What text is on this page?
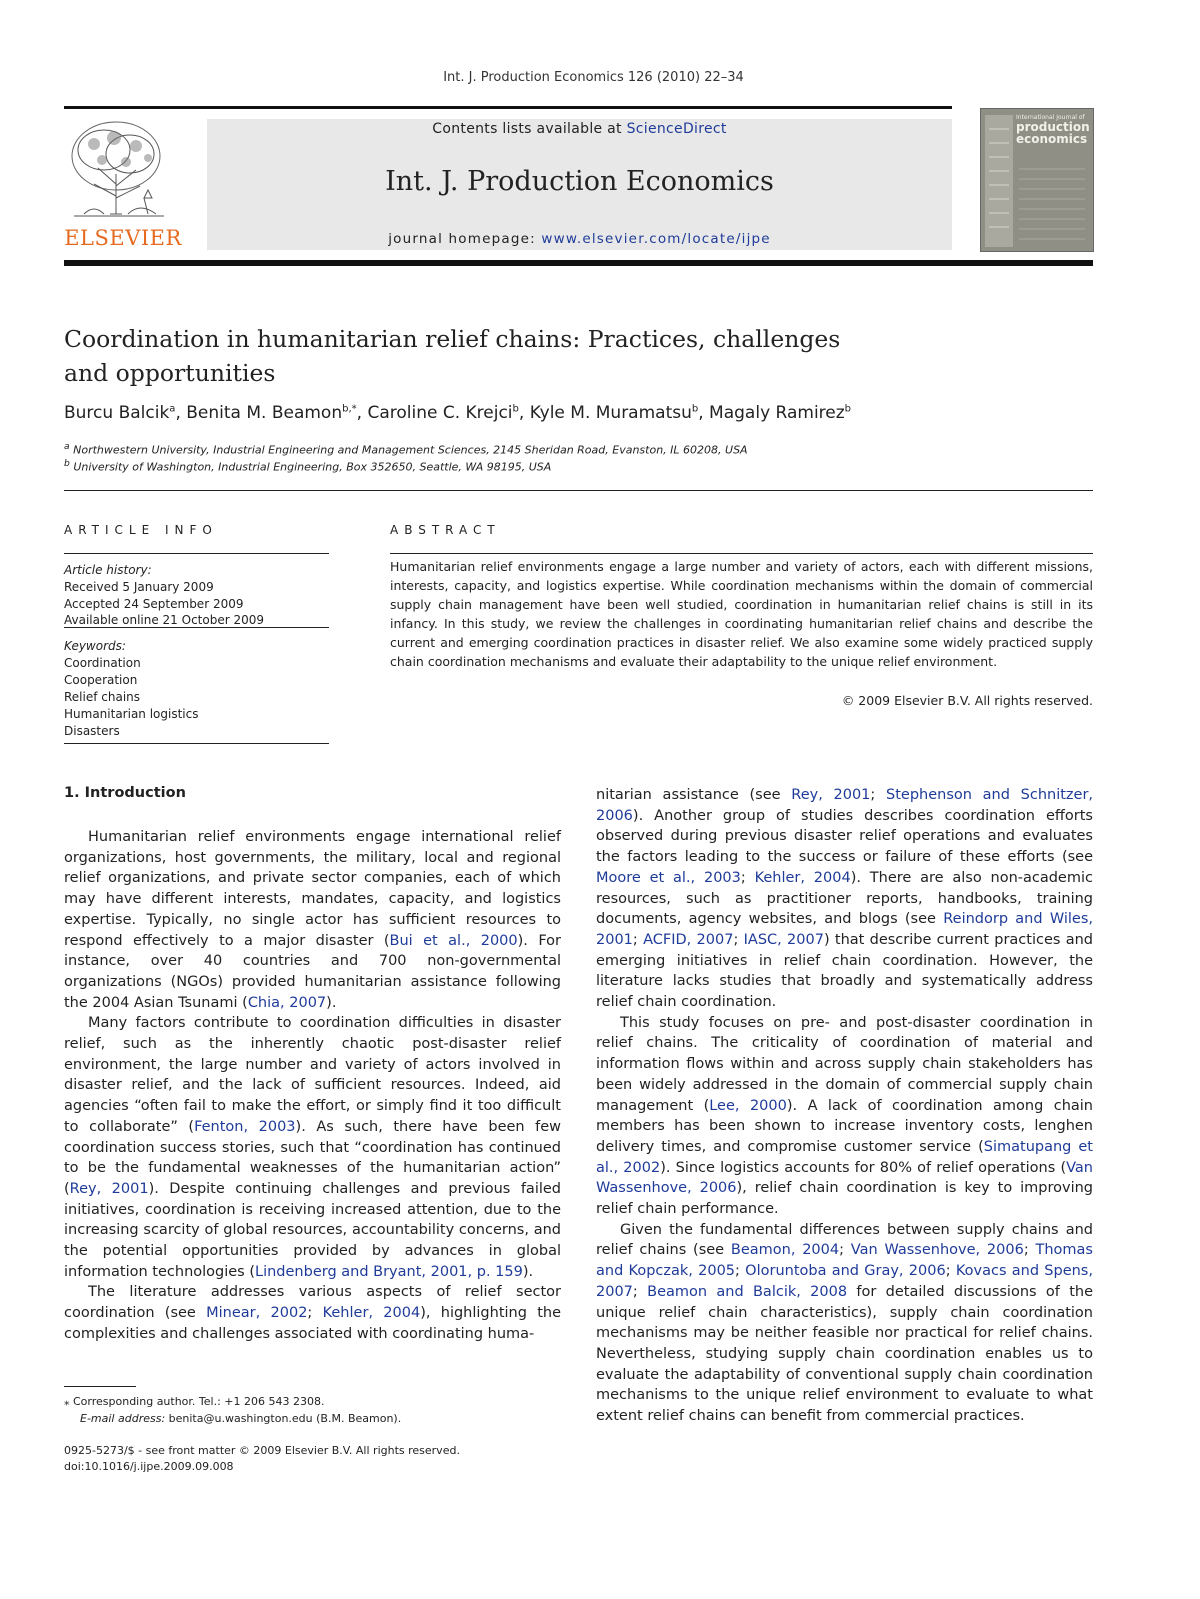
Int. J. Production Economics 126 (2010) 22–34
ELSEVIER
Contents lists available at ScienceDirect
Int. J. Production Economics
journal homepage: www.elsevier.com/locate/ijpe
International Journal of
production
economics
Coordination in humanitarian relief chains: Practices, challenges
and opportunities
Burcu Balcik$^a$, Benita M. Beamon$^{b,*}$, Caroline C. Krejci$^b$, Kyle M. Muramatsu$^b$, Magaly Ramirez$^b$
$^a$ Northwestern University, Industrial Engineering and Management Sciences, 2145 Sheridan Road, Evanston, IL 60208, USA
$^b$ University of Washington, Industrial Engineering, Box 352650, Seattle, WA 98195, USA
ARTICLE INFO	ABSTRACT
Article history:
Received 5 January 2009
Accepted 24 September 2009
Available online 21 October 2009
Keywords:
Coordination
Cooperation
Relief chains
Humanitarian logistics
Disasters
Humanitarian relief environments engage a large number and variety of actors, each with different missions, interests, capacity, and logistics expertise. While coordination mechanisms within the domain of commercial supply chain management have been well studied, coordination in humanitarian relief chains is still in its infancy. In this study, we review the challenges in coordinating humanitarian relief chains and describe the current and emerging coordination practices in disaster relief. We also examine some widely practiced supply chain coordination mechanisms and evaluate their adaptability to the unique relief environment.
© 2009 Elsevier B.V. All rights reserved.
1. Introduction

Humanitarian relief environments engage international relief organizations, host governments, the military, local and regional relief organizations, and private sector companies, each of which may have different interests, mandates, capacity, and logistics expertise. Typically, no single actor has sufficient resources to respond effectively to a major disaster (Bui et al., 2000). For instance, over 40 countries and 700 non-governmental organizations (NGOs) provided humanitarian assistance following the 2004 Asian Tsunami (Chia, 2007).

Many factors contribute to coordination difficulties in disaster relief, such as the inherently chaotic post-disaster relief environment, the large number and variety of actors involved in disaster relief, and the lack of sufficient resources. Indeed, aid agencies “often fail to make the effort, or simply find it too difficult to collaborate” (Fenton, 2003). As such, there have been few coordination success stories, such that “coordination has continued to be the fundamental weaknesses of the humanitarian action” (Rey, 2001). Despite continuing challenges and previous failed initiatives, coordination is receiving increased attention, due to the increasing scarcity of global resources, accountability concerns, and the potential opportunities provided by advances in global information technologies (Lindenberg and Bryant, 2001, p. 159).

The literature addresses various aspects of relief sector coordination (see Minear, 2002; Kehler, 2004), highlighting the complexities and challenges associated with coordinating huma-

nitarian assistance (see Rey, 2001; Stephenson and Schnitzer, 2006). Another group of studies describes coordination efforts observed during previous disaster relief operations and evaluates the factors leading to the success or failure of these efforts (see Moore et al., 2003; Kehler, 2004). There are also non-academic resources, such as practitioner reports, handbooks, training documents, agency websites, and blogs (see Reindorp and Wiles, 2001; ACFID, 2007; IASC, 2007) that describe current practices and emerging initiatives in relief chain coordination. However, the literature lacks studies that broadly and systematically address relief chain coordination.

This study focuses on pre- and post-disaster coordination in relief chains. The criticality of coordination of material and information flows within and across supply chain stakeholders has been widely addressed in the domain of commercial supply chain management (Lee, 2000). A lack of coordination among chain members has been shown to increase inventory costs, lenghen delivery times, and compromise customer service (Simatupang et al., 2002). Since logistics accounts for 80% of relief operations (Van Wassenhove, 2006), relief chain coordination is key to improving relief chain performance.

Given the fundamental differences between supply chains and relief chains (see Beamon, 2004; Van Wassenhove, 2006; Thomas and Kopczak, 2005; Oloruntoba and Gray, 2006; Kovacs and Spens, 2007; Beamon and Balcik, 2008 for detailed discussions of the unique relief chain characteristics), supply chain coordination mechanisms may be neither feasible nor practical for relief chains. Nevertheless, studying supply chain coordination enables us to evaluate the adaptability of conventional supply chain coordination mechanisms to the unique relief environment to evaluate to what extent relief chains can benefit from commercial practices.

⁎ Corresponding author. Tel.: +1 206 543 2308.
E-mail address: benita@u.washington.edu (B.M. Beamon).
0925-5273/$ - see front matter © 2009 Elsevier B.V. All rights reserved.
doi:10.1016/j.ijpe.2009.09.008
